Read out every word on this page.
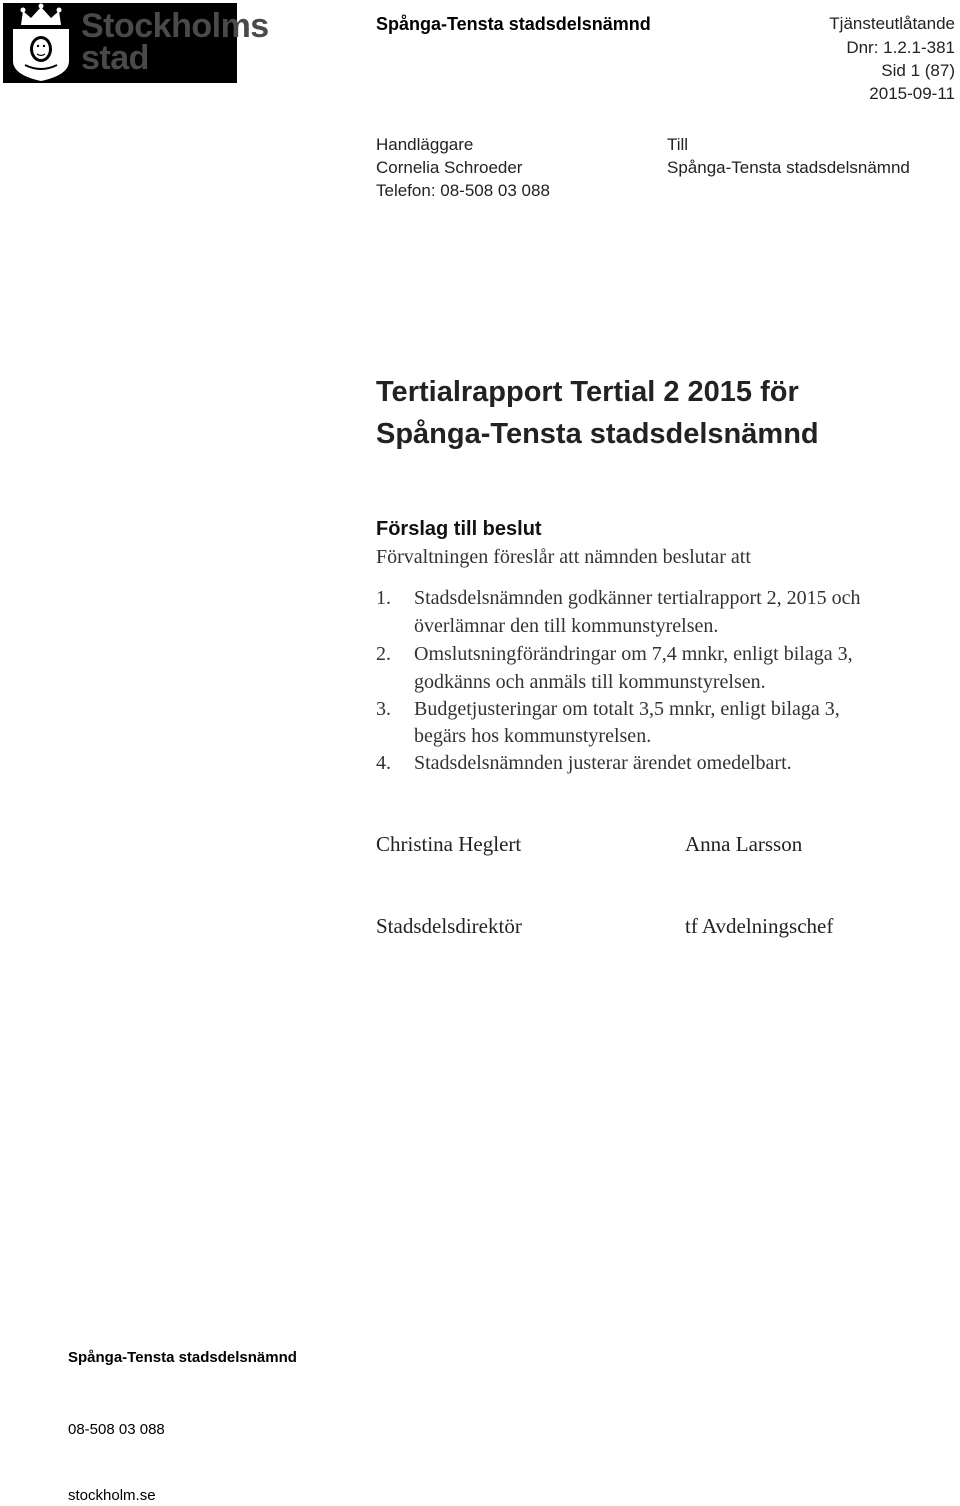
Stockholms
stad
Spånga-Tensta stadsdelsnämnd	Tjänsteutlåtande
Dnr: 1.2.1-381
Sid 1 (87)
2015-09-11
Handläggare
Cornelia Schroeder
Telefon: 08-508 03 088
Till
Spånga-Tensta stadsdelsnämnd
Tertialrapport Tertial 2 2015 för
Spånga-Tensta stadsdelsnämnd
Förslag till beslut
Förvaltningen föreslår att nämnden beslutar att
1. Stadsdelsnämnden godkänner tertialrapport 2, 2015 och
överlämnar den till kommunstyrelsen.
2. Omslutsningförändringar om 7,4 mnkr, enligt bilaga 3,
godkänns och anmäls till kommunstyrelsen.
3. Budgetjusteringar om totalt 3,5 mnkr, enligt bilaga 3,
begärs hos kommunstyrelsen.
4. Stadsdelsnämnden justerar ärendet omedelbart.
Christina Heglert	Anna Larsson
Stadsdelsdirektör	tf Avdelningschef
Spånga-Tensta stadsdelsnämnd
08-508 03 088
stockholm.se
